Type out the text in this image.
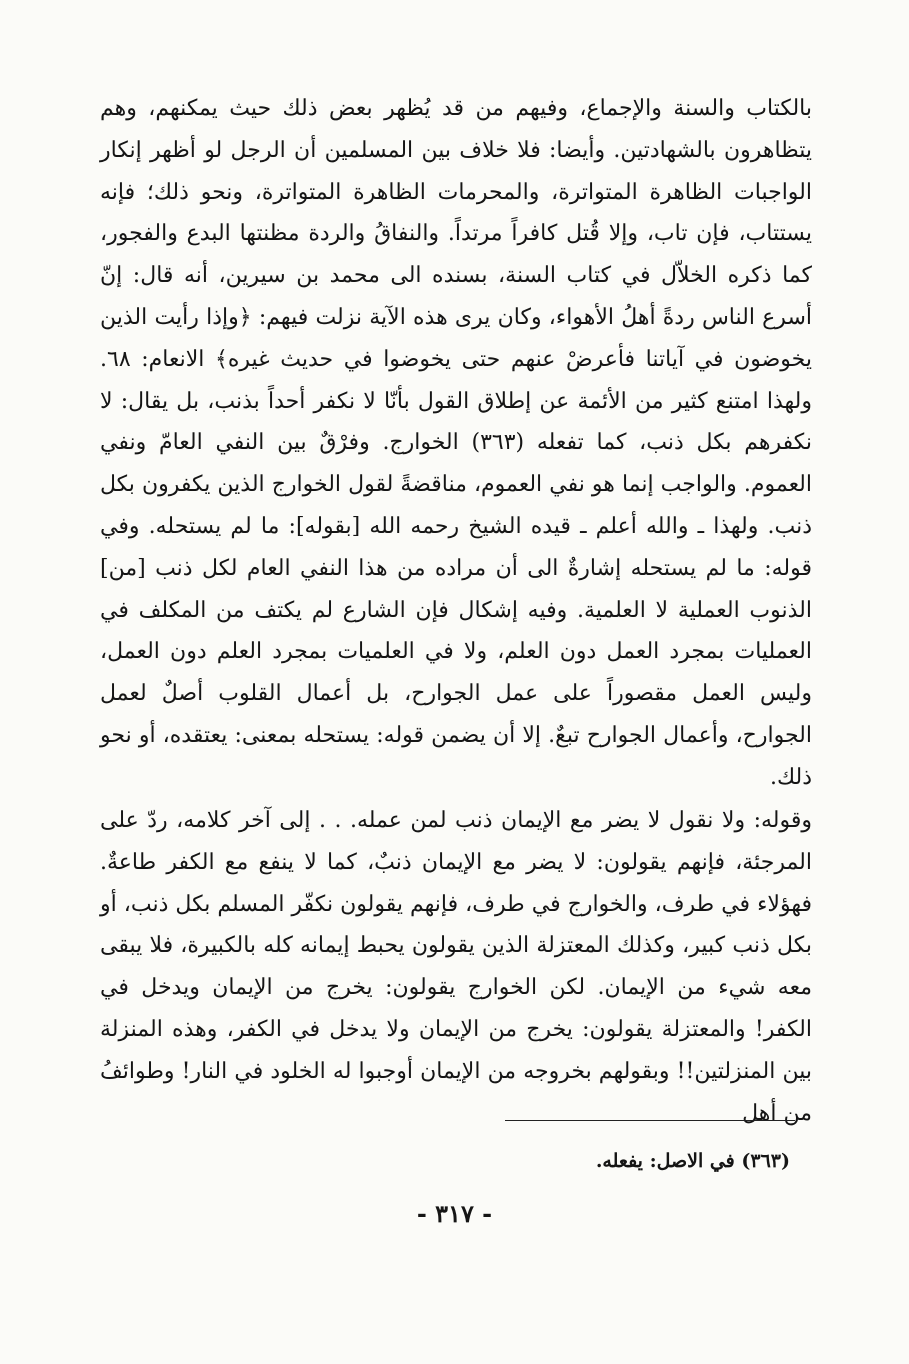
بالكتاب والسنة والإجماع، وفيهم من قد يُظهر بعض ذلك حيث يمكنهم، وهم يتظاهرون بالشهادتين. وأيضا: فلا خلاف بين المسلمين أن الرجل لو أظهر إنكار الواجبات الظاهرة المتواترة، والمحرمات الظاهرة المتواترة، ونحو ذلك؛ فإنه يستتاب، فإن تاب، وإلا قُتل كافراً مرتداً. والنفاقُ والردة مظنتها البدع والفجور، كما ذكره الخلاّل في كتاب السنة، بسنده الى محمد بن سيرين، أنه قال: إنّ أسرع الناس ردةً أهلُ الأهواء، وكان يرى هذه الآية نزلت فيهم: ﴿وإذا رأيت الذين يخوضون في آياتنا فأعرضْ عنهم حتى يخوضوا في حديث غيره﴾ الانعام: ٦٨. ولهذا امتنع كثير من الأئمة عن إطلاق القول بأنّا لا نكفر أحداً بذنب، بل يقال: لا نكفرهم بكل ذنب، كما تفعله (٣٦٣) الخوارج. وفرْقٌ بين النفي العامّ ونفي العموم. والواجب إنما هو نفي العموم، مناقضةً لقول الخوارج الذين يكفرون بكل ذنب. ولهذا ـ والله أعلم ـ قيده الشيخ رحمه الله [بقوله]: ما لم يستحله. وفي قوله: ما لم يستحله إشارةٌ الى أن مراده من هذا النفي العام لكل ذنب [من] الذنوب العملية لا العلمية. وفيه إشكال فإن الشارع لم يكتف من المكلف في العمليات بمجرد العمل دون العلم، ولا في العلميات بمجرد العلم دون العمل، وليس العمل مقصوراً على عمل الجوارح، بل أعمال القلوب أصلٌ لعمل الجوارح، وأعمال الجوارح تبعٌ. إلا أن يضمن قوله: يستحله بمعنى: يعتقده، أو نحو ذلك.

وقوله: ولا نقول لا يضر مع الإيمان ذنب لمن عمله. . . إلى آخر كلامه، ردّ على المرجئة، فإنهم يقولون: لا يضر مع الإيمان ذنبٌ، كما لا ينفع مع الكفر طاعةٌ. فهؤلاء في طرف، والخوارج في طرف، فإنهم يقولون نكفّر المسلم بكل ذنب، أو بكل ذنب كبير، وكذلك المعتزلة الذين يقولون يحبط إيمانه كله بالكبيرة، فلا يبقى معه شيء من الإيمان. لكن الخوارج يقولون: يخرج من الإيمان ويدخل في الكفر! والمعتزلة يقولون: يخرج من الإيمان ولا يدخل في الكفر، وهذه المنزلة بين المنزلتين!! وبقولهم بخروجه من الإيمان أوجبوا له الخلود في النار! وطوائفُ من أهل

(٣٦٣) في الاصل: يفعله.
- ٣١٧ -
